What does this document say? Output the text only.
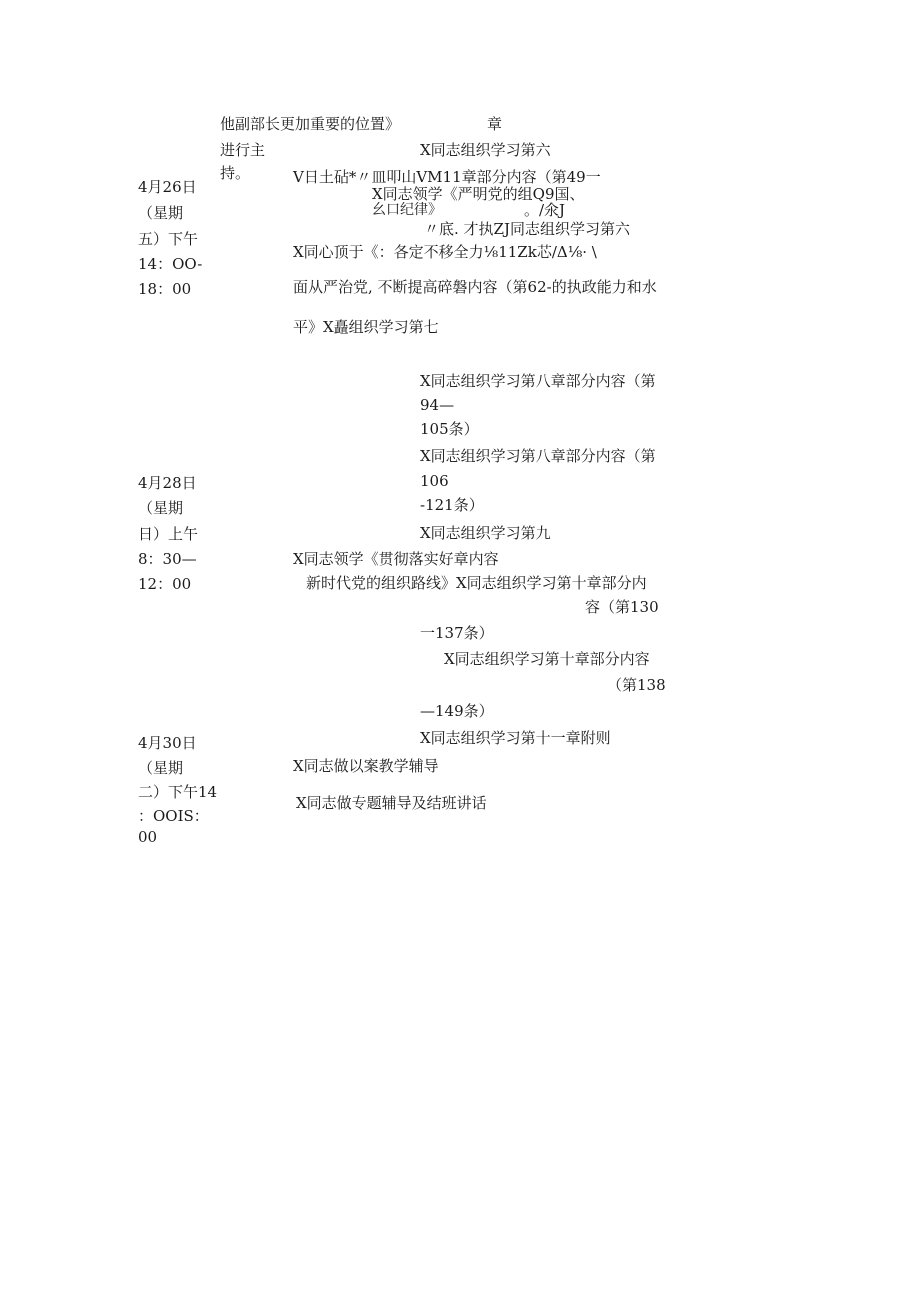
4月26日
（星期
五）下午
14：OO-
18：00
4月28日
（星期
日）上午
8：30—
12：00
4月30日
（星期
二）下午14
：OOIS：
00
他副部长更加重要的位置》
进行主
持。
章
X同志组织学习第六
V日土砧*〃皿叩山VM11章部分内容（第49一
X同志领学《严明党的组Q9国、
幺口纪律》	。/氽J
〃底. 才执ZJ同志组织学习第六
X同心顶于《：各定不移全力⅛11Zk芯/Δ⅛· \
面从严治党, 不断提高碎磐内容（第62-的执政能力和水
平》X矗组织学习第七
X同志组织学习第八章部分内容（第
94—
105条）
X同志组织学习第八章部分内容（第
106
-121条）
X同志组织学习第九
X同志领学《贯彻落实好章内容
新时代党的组织路线》X同志组织学习第十章部分内
容（第130
一137条）
X同志组织学习第十章部分内容
（第138
—149条）
X同志组织学习第十一章附则
X同志做以案教学辅导
X同志做专题辅导及结班讲话
